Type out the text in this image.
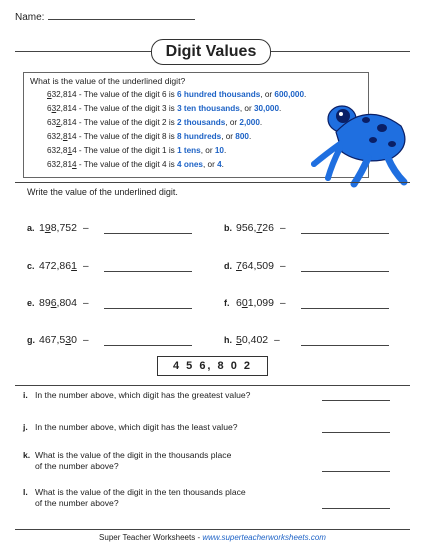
Name:
Digit Values
What is the value of the underlined digit?
632,814 - The value of the digit 6 is 6 hundred thousands, or 600,000.
632,814 - The value of the digit 3 is 3 ten thousands, or 30,000.
632,814 - The value of the digit 2 is 2 thousands, or 2,000.
632,814 - The value of the digit 8 is 8 hundreds, or 800.
632,814 - The value of the digit 1 is 1 tens, or 10.
632,814 - The value of the digit 4 is 4 ones, or 4.
Write the value of the underlined digit.
a. 198,752 –	b. 956,726 –
c. 472,861 –	d. 764,509 –
e. 896,804 –	f. 601,099 –
g. 467,530 –	h. 50,402 –
4 5 6, 8 0 2
i. In the number above, which digit has the greatest value?
j. In the number above, which digit has the least value?
k. What is the value of the digit in the thousands place
of the number above?
l. What is the value of the digit in the ten thousands place
of the number above?
Super Teacher Worksheets - www.superteacherworksheets.com
